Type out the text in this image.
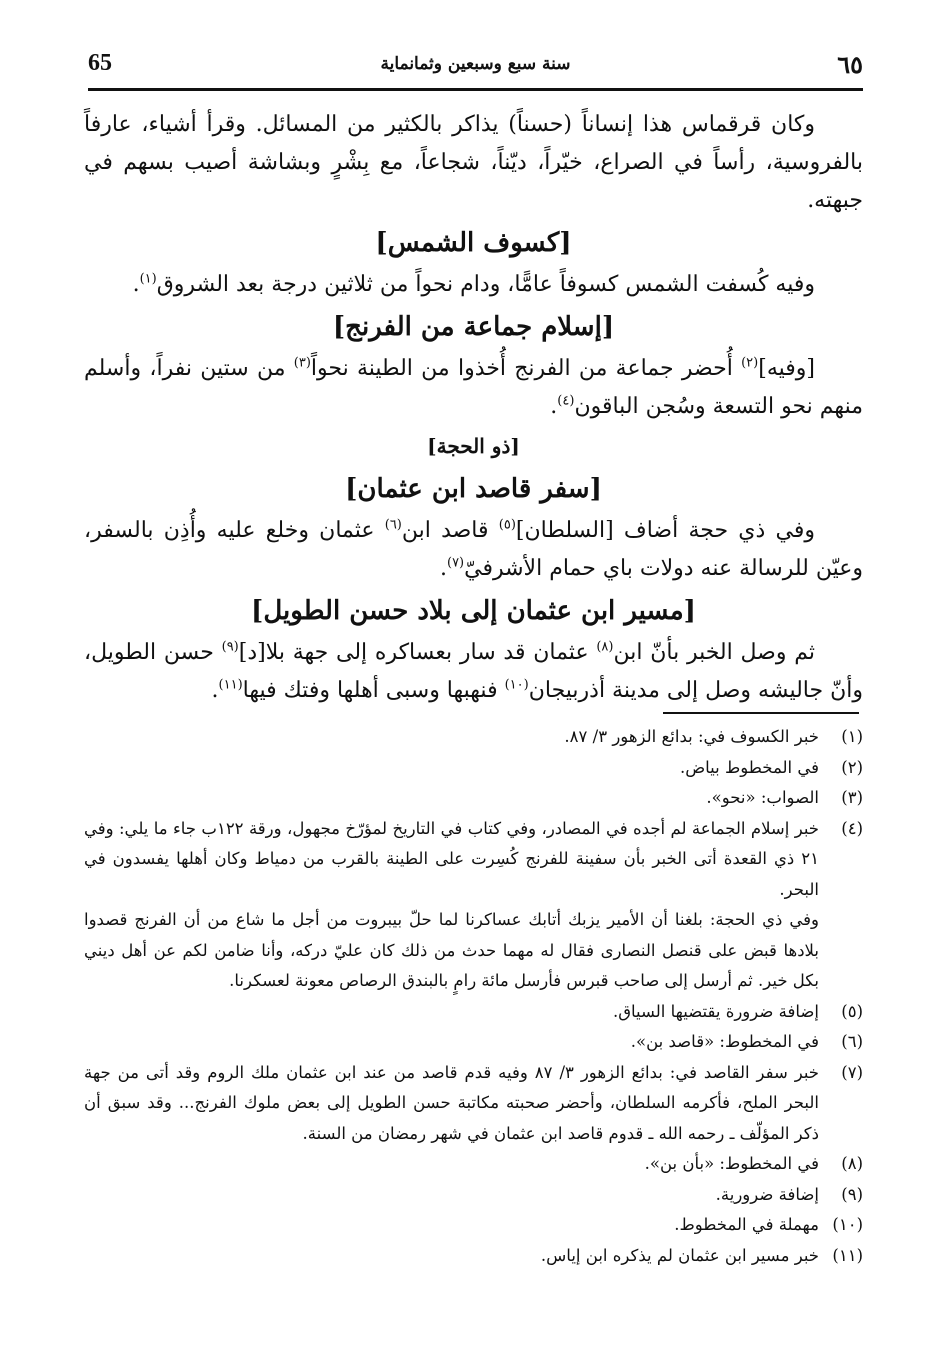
٦٥
سنة سبع وسبعين وثمانماية
65

وكان قرقماس هذا إنساناً (حسناً) يذاكر بالكثير من المسائل. وقرأ أشياء، عارفاً بالفروسية، رأساً في الصراع، خيّراً، ديّناً، شجاعاً، مع بِشْرٍ وبشاشة أصيب بسهم في جبهته.

[كسوف الشمس]

وفيه كُسفت الشمس كسوفاً عامًّا، ودام نحواً من ثلاثين درجة بعد الشروق$^{(١)}$.

[إسلام جماعة من الفرنج]

[وفيه]$^{(٢)}$ أُحضر جماعة من الفرنج أُخذوا من الطينة نحواً$^{(٣)}$ من ستين نفراً، وأسلم منهم نحو التسعة وسُجن الباقون$^{(٤)}$.

[ذو الحجة]

[سفر قاصد ابن عثمان]

وفي ذي حجة أضاف [السلطان]$^{(٥)}$ قاصد ابن$^{(٦)}$ عثمان وخلع عليه وأُذِن بالسفر، وعيّن للرسالة عنه دولات باي حمام الأشرفيّ$^{(٧)}$.

[مسير ابن عثمان إلى بلاد حسن الطويل]

ثم وصل الخبر بأنّ ابن$^{(٨)}$ عثمان قد سار بعساكره إلى جهة بلا[د]$^{(٩)}$ حسن الطويل، وأنّ جاليشه وصل إلى مدينة أذربيجان$^{(١٠)}$ فنهبها وسبى أهلها وفتك فيها$^{(١١)}$.

(١)
خبر الكسوف في: بدائع الزهور ٣/ ٨٧.

(٢)
في المخطوط بياض.

(٣)
الصواب: «نحو».

(٤)
خبر إسلام الجماعة لم أجده في المصادر، وفي كتاب في التاريخ لمؤرّخ مجهول، ورقة ١٢٢ب جاء ما يلي: وفي ٢١ ذي القعدة أتى الخبر بأن سفينة للفرنج كُسِرت على الطينة بالقرب من دمياط وكان أهلها يفسدون في البحر.

وفي ذي الحجة: بلغنا أن الأمير يزبك أتابك عساكرنا لما حلّ بيبروت من أجل ما شاع من أن الفرنج قصدوا بلادها قبض على قنصل النصارى فقال له مهما حدث من ذلك كان عليّ دركه، وأنا ضامن لكم عن أهل ديني بكل خير. ثم أرسل إلى صاحب قبرس فأرسل مائة رامٍ بالبندق الرصاص معونة لعسكرنا.

(٥)
إضافة ضرورة يقتضيها السياق.

(٦)
في المخطوط: «قاصد بن».

(٧)
خبر سفر القاصد في: بدائع الزهور ٣/ ٨٧ وفيه قدم قاصد من عند ابن عثمان ملك الروم وقد أتى من جهة البحر الملح، فأكرمه السلطان، وأحضر صحبته مكاتبة حسن الطويل إلى بعض ملوك الفرنج... وقد سبق أن ذكر المؤلّف ـ رحمه الله ـ قدوم قاصد ابن عثمان في شهر رمضان من السنة.

(٨)
في المخطوط: «بأن بن».

(٩)
إضافة ضرورية.

(١٠)
مهملة في المخطوط.

(١١)
خبر مسير ابن عثمان لم يذكره ابن إياس.
